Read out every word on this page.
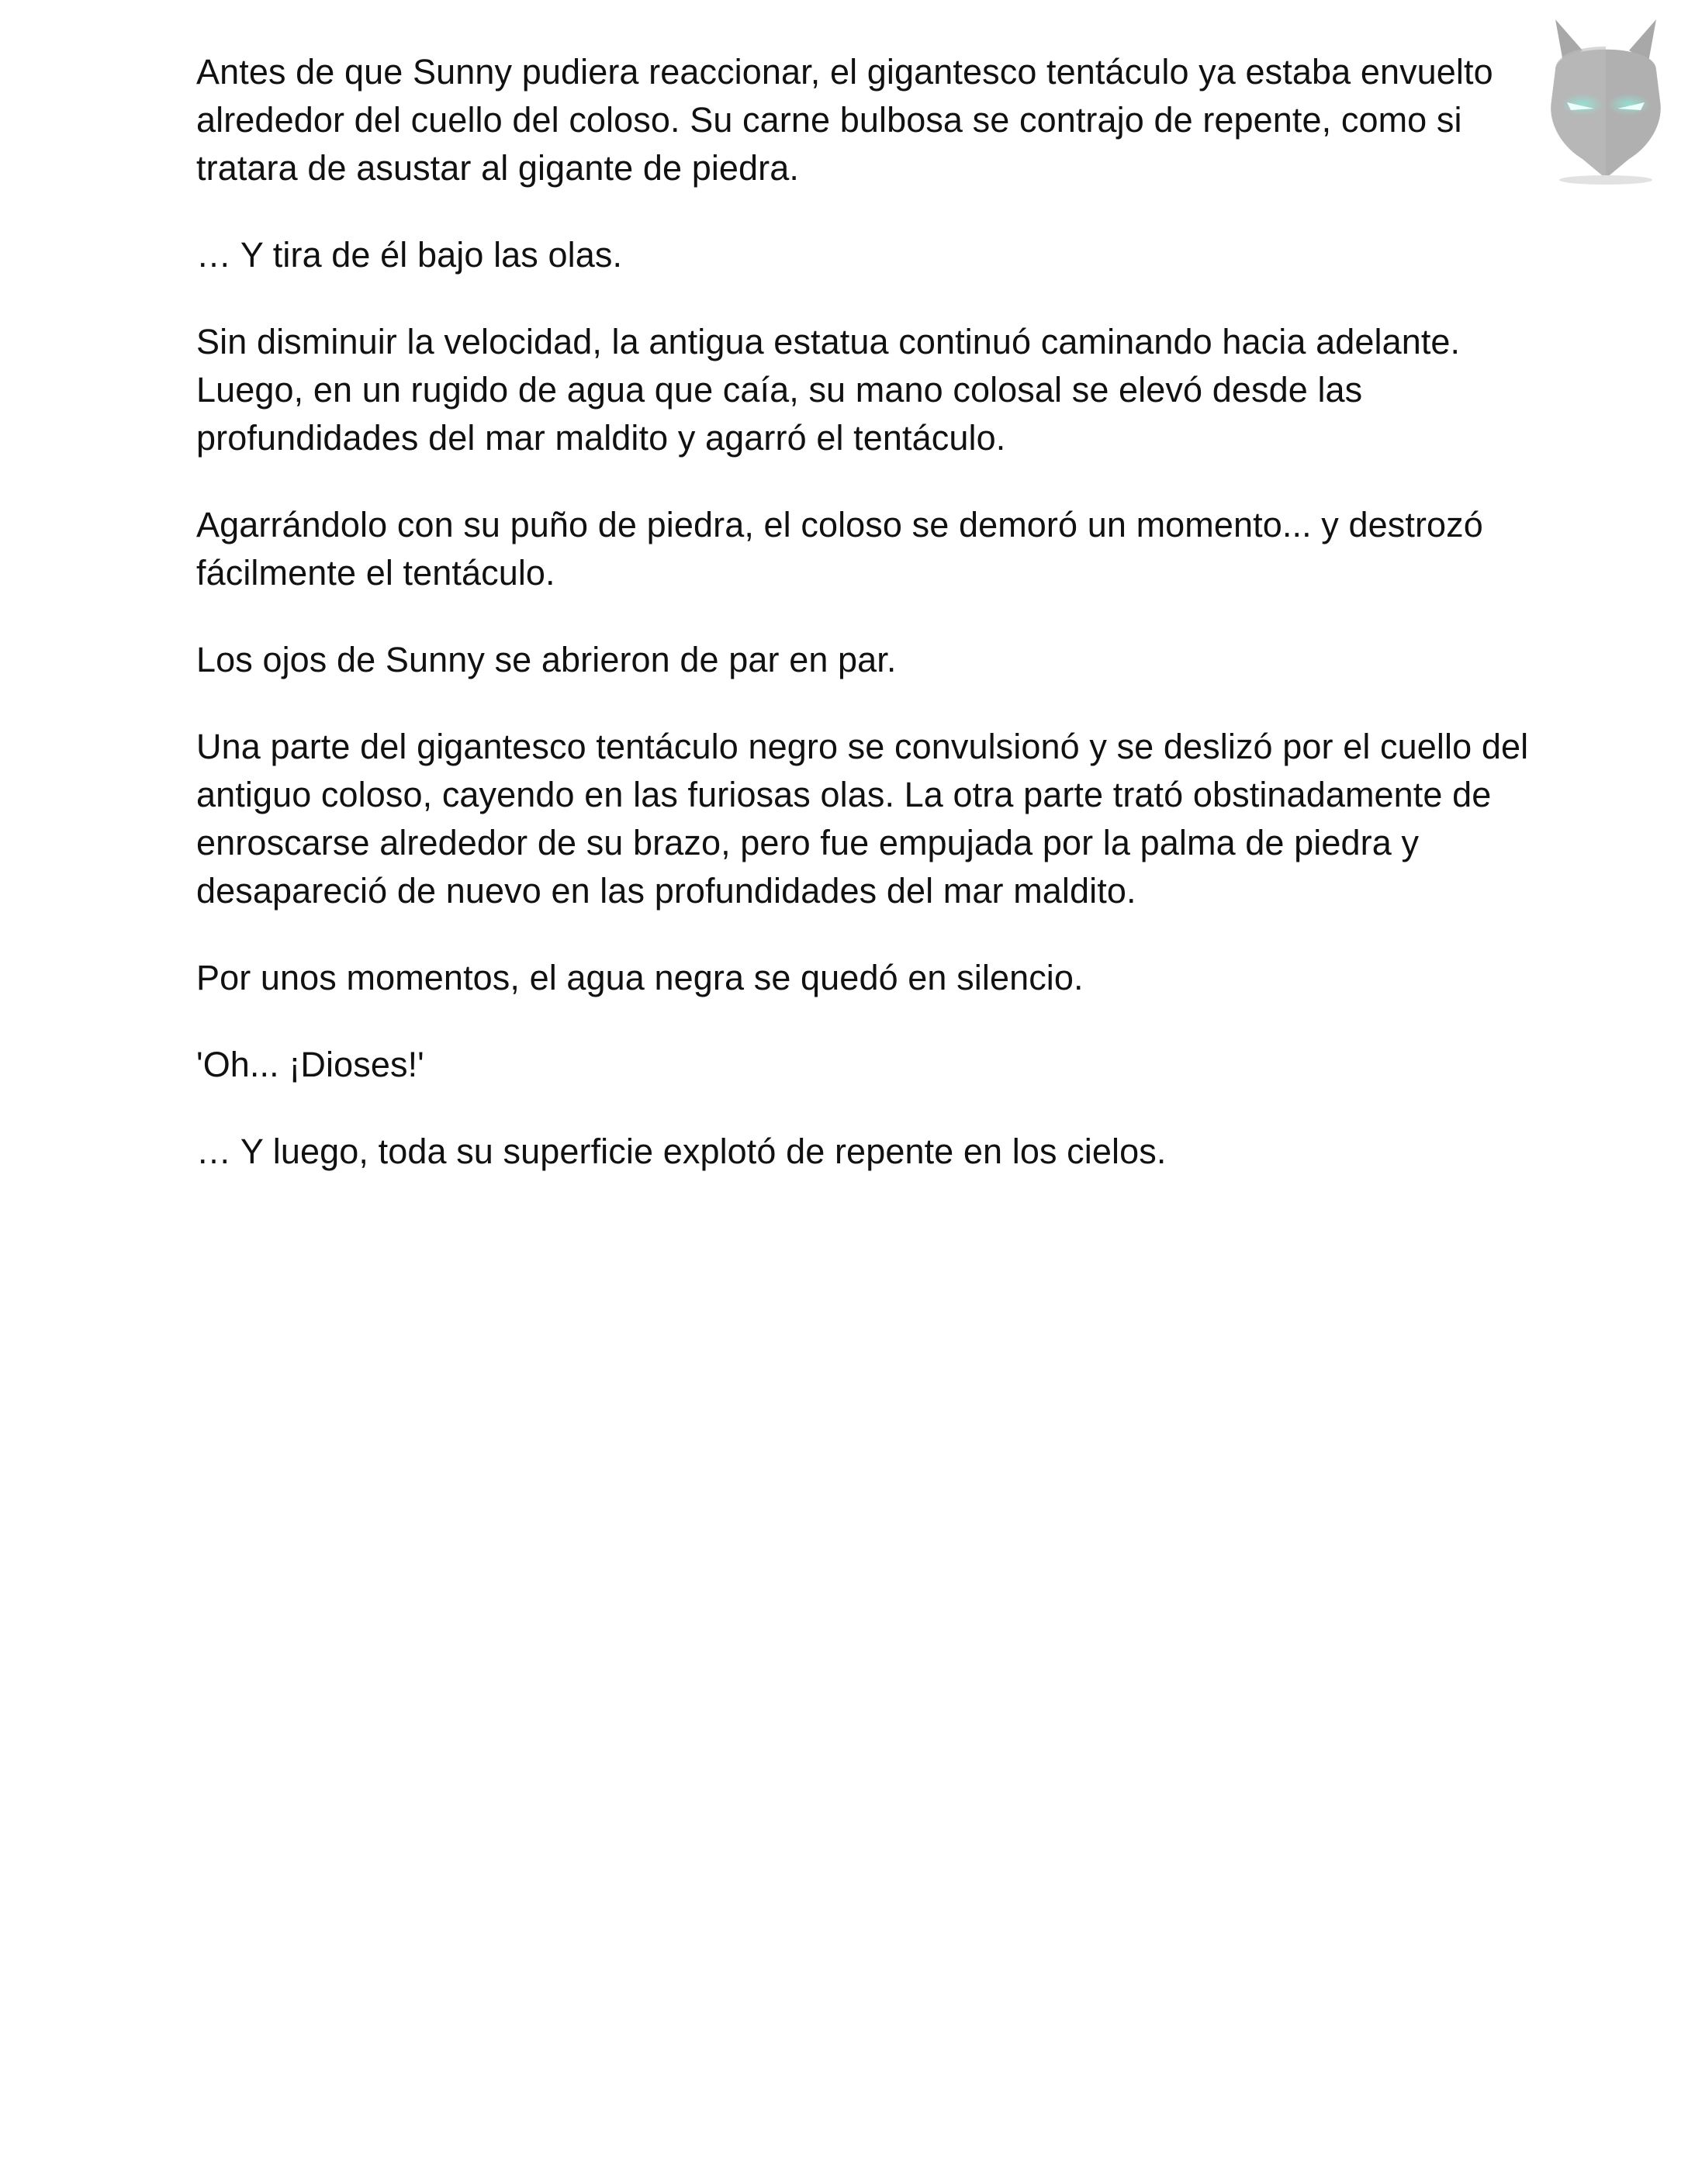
Antes de que Sunny pudiera reaccionar, el gigantesco tentáculo ya estaba envuelto alrededor del cuello del coloso. Su carne bulbosa se contrajo de repente, como si tratara de asustar al gigante de piedra.

… Y tira de él bajo las olas.

Sin disminuir la velocidad, la antigua estatua continuó caminando hacia adelante. Luego, en un rugido de agua que caía, su mano colosal se elevó desde las profundidades del mar maldito y agarró el tentáculo.

Agarrándolo con su puño de piedra, el coloso se demoró un momento... y destrozó fácilmente el tentáculo.

Los ojos de Sunny se abrieron de par en par.

Una parte del gigantesco tentáculo negro se convulsionó y se deslizó por el cuello del antiguo coloso, cayendo en las furiosas olas. La otra parte trató obstinadamente de enroscarse alrededor de su brazo, pero fue empujada por la palma de piedra y desapareció de nuevo en las profundidades del mar maldito.

Por unos momentos, el agua negra se quedó en silencio.

'Oh... ¡Dioses!'

… Y luego, toda su superficie explotó de repente en los cielos.
